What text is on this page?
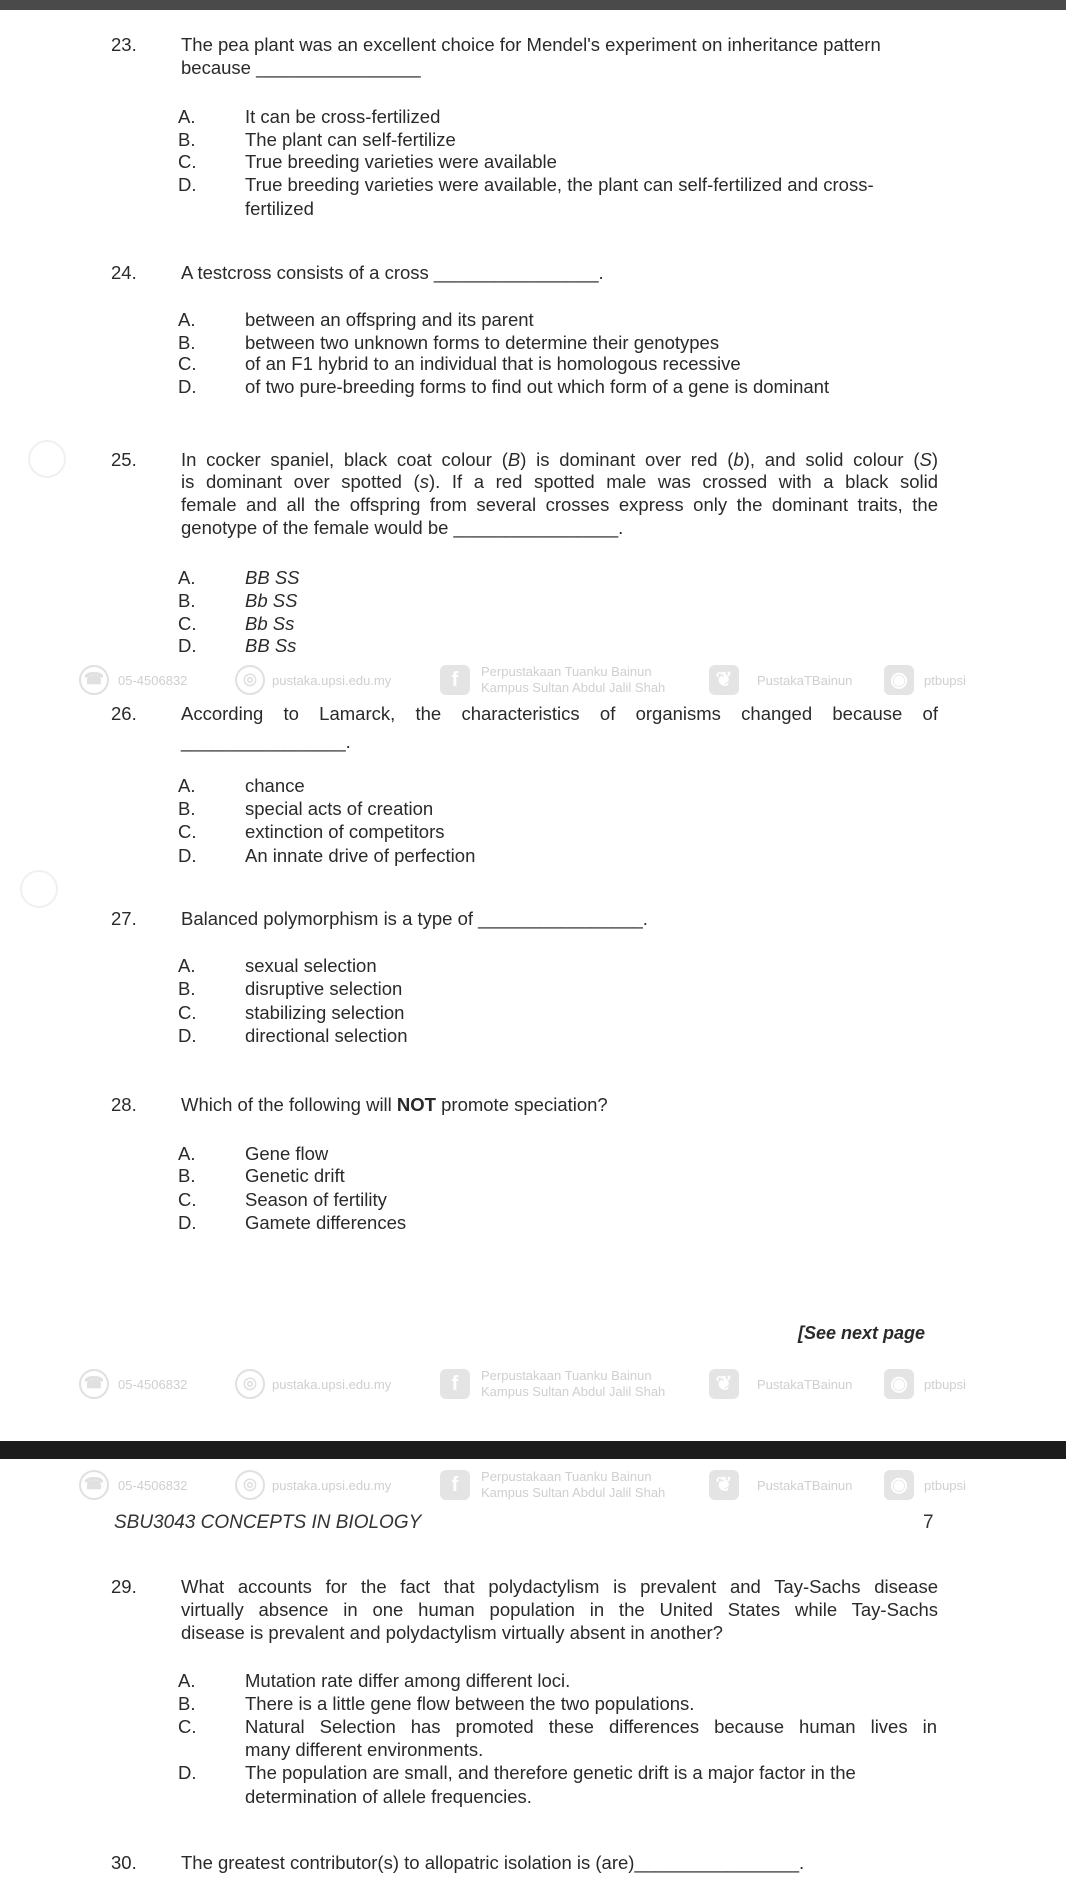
23. The pea plant was an excellent choice for Mendel's experiment on inheritance pattern
because ________________
A.	It can be cross-fertilized
B.	The plant can self-fertilize
C.	True breeding varieties were available
D.	True breeding varieties were available, the plant can self-fertilized and cross-
fertilized
24. A testcross consists of a cross ________________.
A.	between an offspring and its parent
B.	between two unknown forms to determine their genotypes
C.	of an F1 hybrid to an individual that is homologous recessive
D.	of two pure-breeding forms to find out which form of a gene is dominant
25. In cocker spaniel, black coat colour (B) is dominant over red (b), and solid colour (S)
is dominant over spotted (s). If a red spotted male was crossed with a black solid
female and all the offspring from several crosses express only the dominant traits, the
genotype of the female would be ________________.
A.	BB SS
B.	Bb SS
C.	Bb Ss
D.	BB Ss
26. According to Lamarck, the characteristics of organisms changed because of
________________.
A.	chance
B.	special acts of creation
C.	extinction of competitors
D.	An innate drive of perfection
27. Balanced polymorphism is a type of ________________.
A.	sexual selection
B.	disruptive selection
C.	stabilizing selection
D.	directional selection
28. Which of the following will NOT promote speciation?
A.	Gene flow
B.	Genetic drift
C.	Season of fertility
D.	Gamete differences
29. What accounts for the fact that polydactylism is prevalent and Tay-Sachs disease
virtually absence in one human population in the United States while Tay-Sachs
disease is prevalent and polydactylism virtually absent in another?
A.	Mutation rate differ among different loci.
B.	There is a little gene flow between the two populations.
C.	Natural Selection has promoted these differences because human lives in
many different environments.
D.	The population are small, and therefore genetic drift is a major factor in the
determination of allele frequencies.
30. The greatest contributor(s) to allopatric isolation is (are)________________.
[See next page
☎	05-4506832	◎	pustaka.upsi.edu.my	f	Perpustakaan Tuanku Bainun
Kampus Sultan Abdul Jalil Shah	❦	PustakaTBainun	◉	ptbupsi
☎	05-4506832	◎	pustaka.upsi.edu.my	f	Perpustakaan Tuanku Bainun
Kampus Sultan Abdul Jalil Shah	❦	PustakaTBainun	◉	ptbupsi
☎	05-4506832	◎	pustaka.upsi.edu.my	f	Perpustakaan Tuanku Bainun
Kampus Sultan Abdul Jalil Shah	❦	PustakaTBainun	◉	ptbupsi
SBU3043 CONCEPTS IN BIOLOGY	7
